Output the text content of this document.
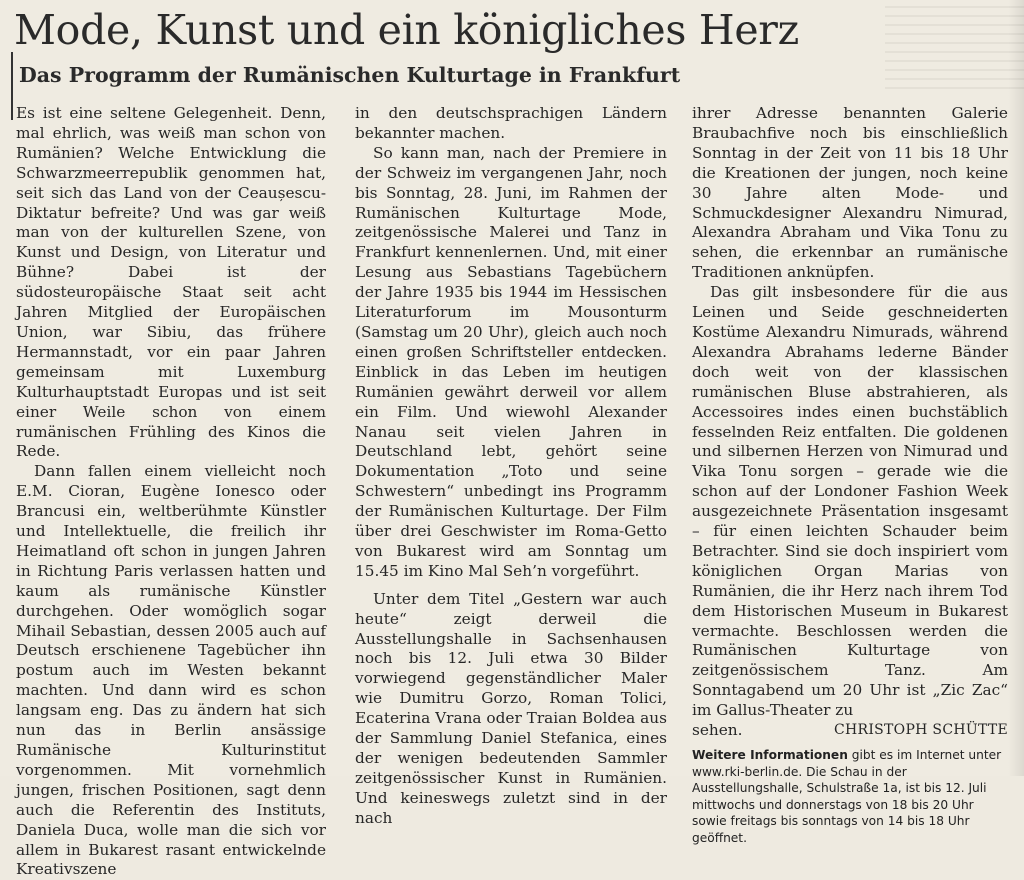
Mode, Kunst und ein königliches Herz
Das Programm der Rumänischen Kulturtage in Frankfurt

Es ist eine seltene Gelegenheit. Denn, mal ehrlich, was weiß man schon von Rumänien? Welche Entwicklung die Schwarzmeerrepublik genommen hat, seit sich das Land von der Ceaușescu-Diktatur befreite? Und was gar weiß man von der kulturellen Szene, von Kunst und Design, von Literatur und Bühne? Dabei ist der südosteuropäische Staat seit acht Jahren Mitglied der Europäischen Union, war Sibiu, das frühere Hermannstadt, vor ein paar Jahren gemeinsam mit Luxemburg Kulturhauptstadt Europas und ist seit einer Weile schon von einem rumänischen Frühling des Kinos die Rede.

Dann fallen einem vielleicht noch E.M. Cioran, Eugène Ionesco oder Brancusi ein, weltberühmte Künstler und Intellektuelle, die freilich ihr Heimatland oft schon in jungen Jahren in Richtung Paris verlassen hatten und kaum als rumänische Künstler durchgehen. Oder womöglich sogar Mihail Sebastian, dessen 2005 auch auf Deutsch erschienene Tagebücher ihn postum auch im Westen bekannt machten. Und dann wird es schon langsam eng. Das zu ändern hat sich nun das in Berlin ansässige Rumänische Kulturinstitut vorgenommen. Mit vornehmlich jungen, frischen Positionen, sagt denn auch die Referentin des Instituts, Daniela Duca, wolle man die sich vor allem in Bukarest rasant entwickelnde Kreativszene

in den deutschsprachigen Ländern bekannter machen.

So kann man, nach der Premiere in der Schweiz im vergangenen Jahr, noch bis Sonntag, 28. Juni, im Rahmen der Rumänischen Kulturtage Mode, zeitgenössische Malerei und Tanz in Frankfurt kennenlernen. Und, mit einer Lesung aus Sebastians Tagebüchern der Jahre 1935 bis 1944 im Hessischen Literaturforum im Mousonturm (Samstag um 20 Uhr), gleich auch noch einen großen Schriftsteller entdecken. Einblick in das Leben im heutigen Rumänien gewährt derweil vor allem ein Film. Und wiewohl Alexander Nanau seit vielen Jahren in Deutschland lebt, gehört seine Dokumentation „Toto und seine Schwestern“ unbedingt ins Programm der Rumänischen Kulturtage. Der Film über drei Geschwister im Roma-Getto von Bukarest wird am Sonntag um 15.45 im Kino Mal Seh’n vorgeführt.

Unter dem Titel „Gestern war auch heute“ zeigt derweil die Ausstellungshalle in Sachsenhausen noch bis 12. Juli etwa 30 Bilder vorwiegend gegenständlicher Maler wie Dumitru Gorzo, Roman Tolici, Ecaterina Vrana oder Traian Boldea aus der Sammlung Daniel Stefanica, eines der wenigen bedeutenden Sammler zeitgenössischer Kunst in Rumänien. Und keineswegs zuletzt sind in der nach

ihrer Adresse benannten Galerie Braubachfive noch bis einschließlich Sonntag in der Zeit von 11 bis 18 Uhr die Kreationen der jungen, noch keine 30 Jahre alten Mode- und Schmuckdesigner Alexandru Nimurad, Alexandra Abraham und Vika Tonu zu sehen, die erkennbar an rumänische Traditionen anknüpfen.

Das gilt insbesondere für die aus Leinen und Seide geschneiderten Kostüme Alexandru Nimurads, während Alexandra Abrahams lederne Bänder doch weit von der klassischen rumänischen Bluse abstrahieren, als Accessoires indes einen buchstäblich fesselnden Reiz entfalten. Die goldenen und silbernen Herzen von Nimurad und Vika Tonu sorgen – gerade wie die schon auf der Londoner Fashion Week ausgezeichnete Präsentation insgesamt – für einen leichten Schauder beim Betrachter. Sind sie doch inspiriert vom königlichen Organ Marias von Rumänien, die ihr Herz nach ihrem Tod dem Historischen Museum in Bukarest vermachte. Beschlossen werden die Rumänischen Kulturtage von zeitgenössischem Tanz. Am Sonntagabend um 20 Uhr ist „Zic Zac“ im Gallus-Theater zu

sehen.	CHRISTOPH SCHÜTTE
Weitere Informationen gibt es im Internet unter www.rki-berlin.de. Die Schau in der Ausstellungshalle, Schulstraße 1a, ist bis 12. Juli mittwochs und donnerstags von 18 bis 20 Uhr sowie freitags bis sonntags von 14 bis 18 Uhr geöffnet.
